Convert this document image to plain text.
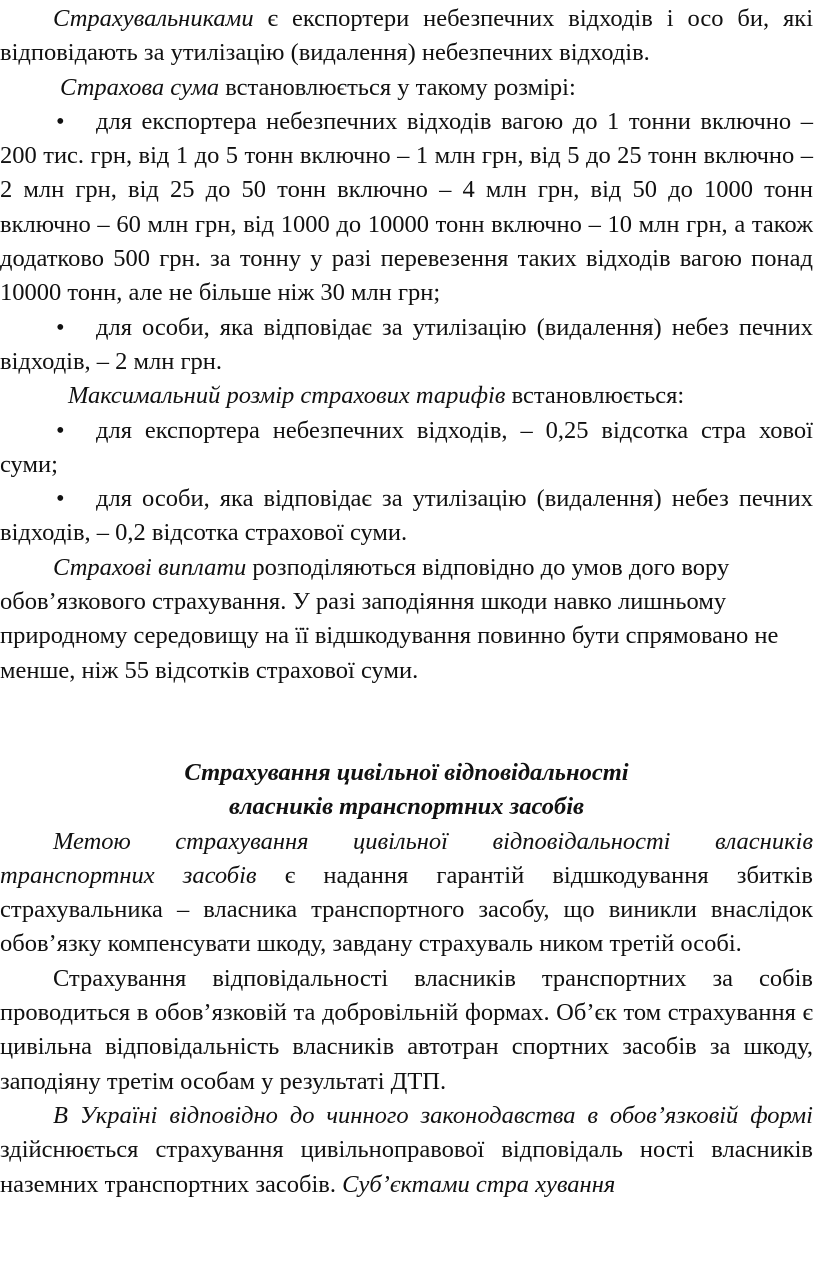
Страхувальниками є експортери небезпечних відходів і осо би, які відповідають за утилізацію (видалення) небезпечних відходів.

Страхова сума встановлюється у такому розмірі:

• для експортера небезпечних відходів вагою до 1 тонни включно – 200 тис. грн, від 1 до 5 тонн включно – 1 млн грн, від 5 до 25 тонн включно – 2 млн грн, від 25 до 50 тонн включно – 4 млн грн, від 50 до 1000 тонн включно – 60 млн грн, від 1000 до 10000 тонн включно – 10 млн грн, а також додатково 500 грн. за тонну у разі перевезення таких відходів вагою понад 10000 тонн, але не більше ніж 30 млн грн;

• для особи, яка відповідає за утилізацію (видалення) небез печних відходів, – 2 млн грн.

Максимальний розмір страхових тарифів встановлюється:

• для експортера небезпечних відходів, – 0,25 відсотка стра хової суми;

• для особи, яка відповідає за утилізацію (видалення) небез печних відходів, – 0,2 відсотка страхової суми.

Страхові виплати розподіляються відповідно до умов дого вору обов’язкового страхування. У разі заподіяння шкоди навко лишньому природному середовищу на її відшкодування повинно бути спрямовано не менше, ніж 55 відсотків страхової суми.

Страхування цивільної відповідальності

власників транспортних засобів

Метою страхування цивільної відповідальності власників транспортних засобів є надання гарантій відшкодування збитків страхувальника – власника транспортного засобу, що виникли внаслідок обов’язку компенсувати шкоду, завдану страхуваль ником третій особі.

Страхування відповідальності власників транспортних за собів проводиться в обов’язковій та добровільній формах. Об’єк том страхування є цивільна відповідальність власників автотран спортних засобів за шкоду, заподіяну третім особам у результаті ДТП.

В Україні відповідно до чинного законодавства в обов’язковій формі здійснюється страхування цивільноправової відповідаль ності власників наземних транспортних засобів. Суб’єктами стра хування
